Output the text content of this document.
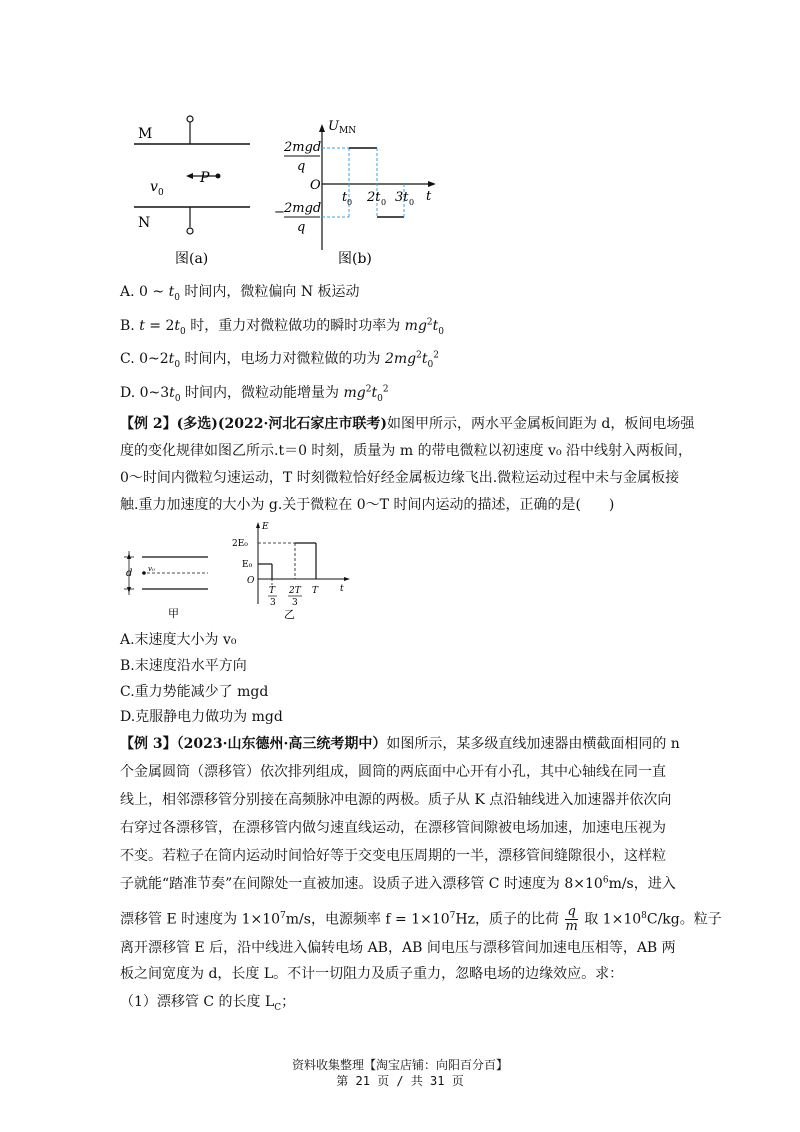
M
N
P
v 0
图(a)
U MN
2mgd
q
− 2mgd
q
O
t
t 0 2t 0 3t 0
图(b)
A. 0 ~ $t_0$ 时间内，微粒偏向 N 板运动
B. $t = 2t_0$ 时，重力对微粒做功的瞬时功率为 $mg^2t_0$
C. $0\sim 2t_0$ 时间内，电场力对微粒做的功为 $2mg^2t_0^2$
D. $0\sim 3t_0$ 时间内，微粒动能增量为 $mg^2t_0^2$
【例 2】(多选)(2022·河北石家庄市联考)如图甲所示，两水平金属板间距为 d，板间电场强
度的变化规律如图乙所示.t＝0 时刻，质量为 m 的带电微粒以初速度 v₀ 沿中线射入两板间，
0～时间内微粒匀速运动，T 时刻微粒恰好经金属板边缘飞出.微粒运动过程中未与金属板接
触.重力加速度的大小为 g.关于微粒在 0～T 时间内运动的描述，正确的是(　　)
d v₀
甲
E
2E₀
E₀
O
t
T
3
2T
3
T
乙
A.末速度大小为 v₀
B.末速度沿水平方向
C.重力势能减少了 mgd
D.克服静电力做功为 mgd
【例 3】（2023·山东德州·高三统考期中）如图所示，某多级直线加速器由横截面相同的 n
个金属圆筒（漂移管）依次排列组成，圆筒的两底面中心开有小孔，其中心轴线在同一直
线上，相邻漂移管分别接在高频脉冲电源的两极。质子从 K 点沿轴线进入加速器并依次向
右穿过各漂移管，在漂移管内做匀速直线运动，在漂移管间隙被电场加速，加速电压视为
不变。若粒子在筒内运动时间恰好等于交变电压周期的一半，漂移管间缝隙很小，这样粒
子就能“踏准节奏”在间隙处一直被加速。设质子进入漂移管 C 时速度为 $8\times 10^6m/s$，进入
漂移管 E 时速度为 $1\times 10^7m/s$，电源频率 $f = 1\times 10^7Hz$，质子的比荷 $\frac{q}{m}$ 取 $1\times 10^8C/kg$。粒子
离开漂移管 E 后，沿中线进入偏转电场 AB，AB 间电压与漂移管间加速电压相等，AB 两
板之间宽度为 d，长度 L。不计一切阻力及质子重力，忽略电场的边缘效应。求：
（1）漂移管 C 的长度 $L_C$；
资料收集整理【淘宝店铺：向阳百分百】
第 21 页 / 共 31 页
